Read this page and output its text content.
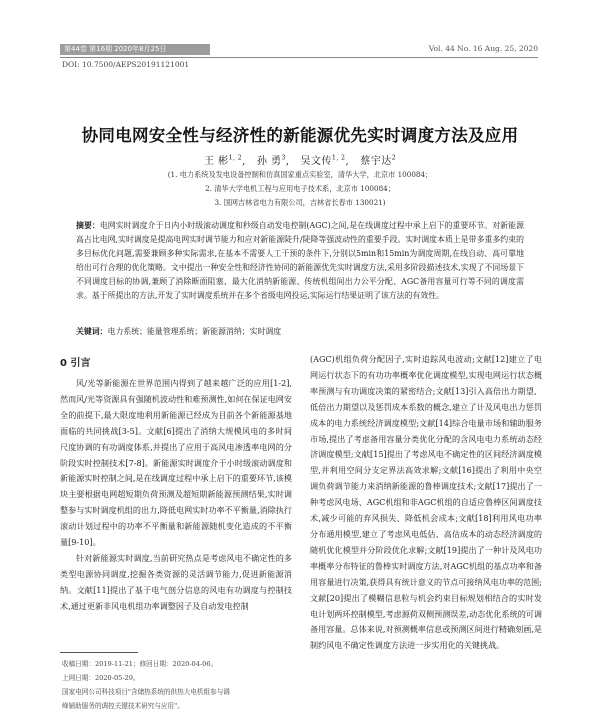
第44卷 第16期 2020年8月25日	Vol. 44 No. 16 Aug. 25, 2020
DOI: 10.7500/AEPS20191121001
协同电网安全性与经济性的新能源优先实时调度方法及应用
王 彬$^{1, 2}$,   孙 勇$^3$,   吴文传$^{1, 2}$,   蔡宇达$^2$
(1. 电力系统及发电设备控制和仿真国家重点实验室，清华大学，北京市 100084；
2. 清华大学电机工程与应用电子技术系，北京市 100084；
3. 国网吉林省电力有限公司，吉林省长春市 130021)
摘要：电网实时调度介于日内小时级滚动调度和秒级自动发电控制(AGC)之间,是在线调度过程中承上启下的重要环节。对新能源高占比电网,实时调度是提高电网实时调节能力和应对新能源陡升/陡降等强波动性的重要手段。实时调度本质上是带多重多约束的多目标优化问题,需要兼顾多种实际需求,在基本不需要人工干预的条件下,分别以5min和15min为调度周期,在线自动、高可靠地给出可行合理的优化策略。文中提出一种安全性和经济性协同的新能源优先实时调度方法,采用多阶段描述技术,实现了不同场景下不同调度目标的协调,兼顾了消除断面阻塞、最大化消纳新能源、传统机组间出力公平分配、AGC备用容量可行等不同的调度需求。基于所提出的方法,开发了实时调度系统并在多个省级电网投运,实际运行结果证明了该方法的有效性。
关键词：电力系统；能量管理系统；新能源消纳；实时调度
0 引言
风/光等新能源在世界范围内得到了越来越广泛的应用[1-2],然而风/光等资源具有强随机波动性和难预测性,如何在保证电网安全的前提下,最大限度地利用新能源已经成为目前各个新能源基地面临的共同挑战[3-5]。文献[6]提出了消纳大规模风电的多时间尺度协调的有功调度体系,并提出了应用于高风电渗透率电网的分阶段实时控制技术[7-8]。新能源实时调度介于小时级滚动调度和新能源实时控制之间,是在线调度过程中承上启下的重要环节,该模块主要根据电网超短期负荷预测及超短期新能源预测结果,实时调整参与实时调度机组的出力,降低电网实时功率不平衡量,消除执行滚动计划过程中的功率不平衡量和新能源随机变化造成的不平衡量[9-10]。
针对新能源实时调度,当前研究热点是考虑风电不确定性的多类型电源协同调度,挖掘各类资源的灵活调节能力,促进新能源消纳。文献[11]提出了基于电气剖分信息的风电有功调度与控制技术,通过更新非风电机组功率调整因子及自动发电控制
收稿日期：2019-11-21；修回日期：2020-04-06。
上网日期：2020-05-29。
国家电网公司科技项目"含储热系统的供热大电机组参与调
峰辅助服务的调控关键技术研究与应用"。
(AGC)机组负荷分配因子,实时追踪风电波动;文献[12]建立了电网运行状态下的有功功率概率优化调度模型,实现电网运行状态概率预测与有功调度决策的紧密结合;文献[13]引入高倍出力期望、低倍出力期望以及惩罚成本系数的概念,建立了计及风电出力惩罚成本的电力系统经济调度模型;文献[14]综合电量市场和辅助服务市场,提出了考虑备用容量分类优化分配的含风电电力系统动态经济调度模型;文献[15]提出了考虑风电不确定性的区间经济调度模型,并利用空间分支定界法高效求解;文献[16]提出了利用中央空调负荷调节能力来消纳新能源的鲁棒调度技术;文献[17]提出了一种考虑风电场、AGC机组和非AGC机组的自适应鲁棒区间调度技术,减少可能的弃风损失、降低机会成本;文献[18]利用风电功率分布通用模型,建立了考虑风电低估、高估成本的动态经济调度的随机优化模型并分阶段优化求解;文献[19]提出了一种计及风电功率概率分布特征的鲁棒实时调度方法,对AGC机组的基点功率和备用容量进行决策,获得具有统计意义的节点可接纳风电功率的范围;文献[20]提出了模糊信息粒与机会约束目标规划相结合的实时发电计划两环控制模型,考虑源荷双侧预测误差,动态优化系统的可调备用容量。总体来说,对预测概率信息或预测区间进行精确刻画,是制约风电不确定性调度方法进一步实用化的关键挑战。
